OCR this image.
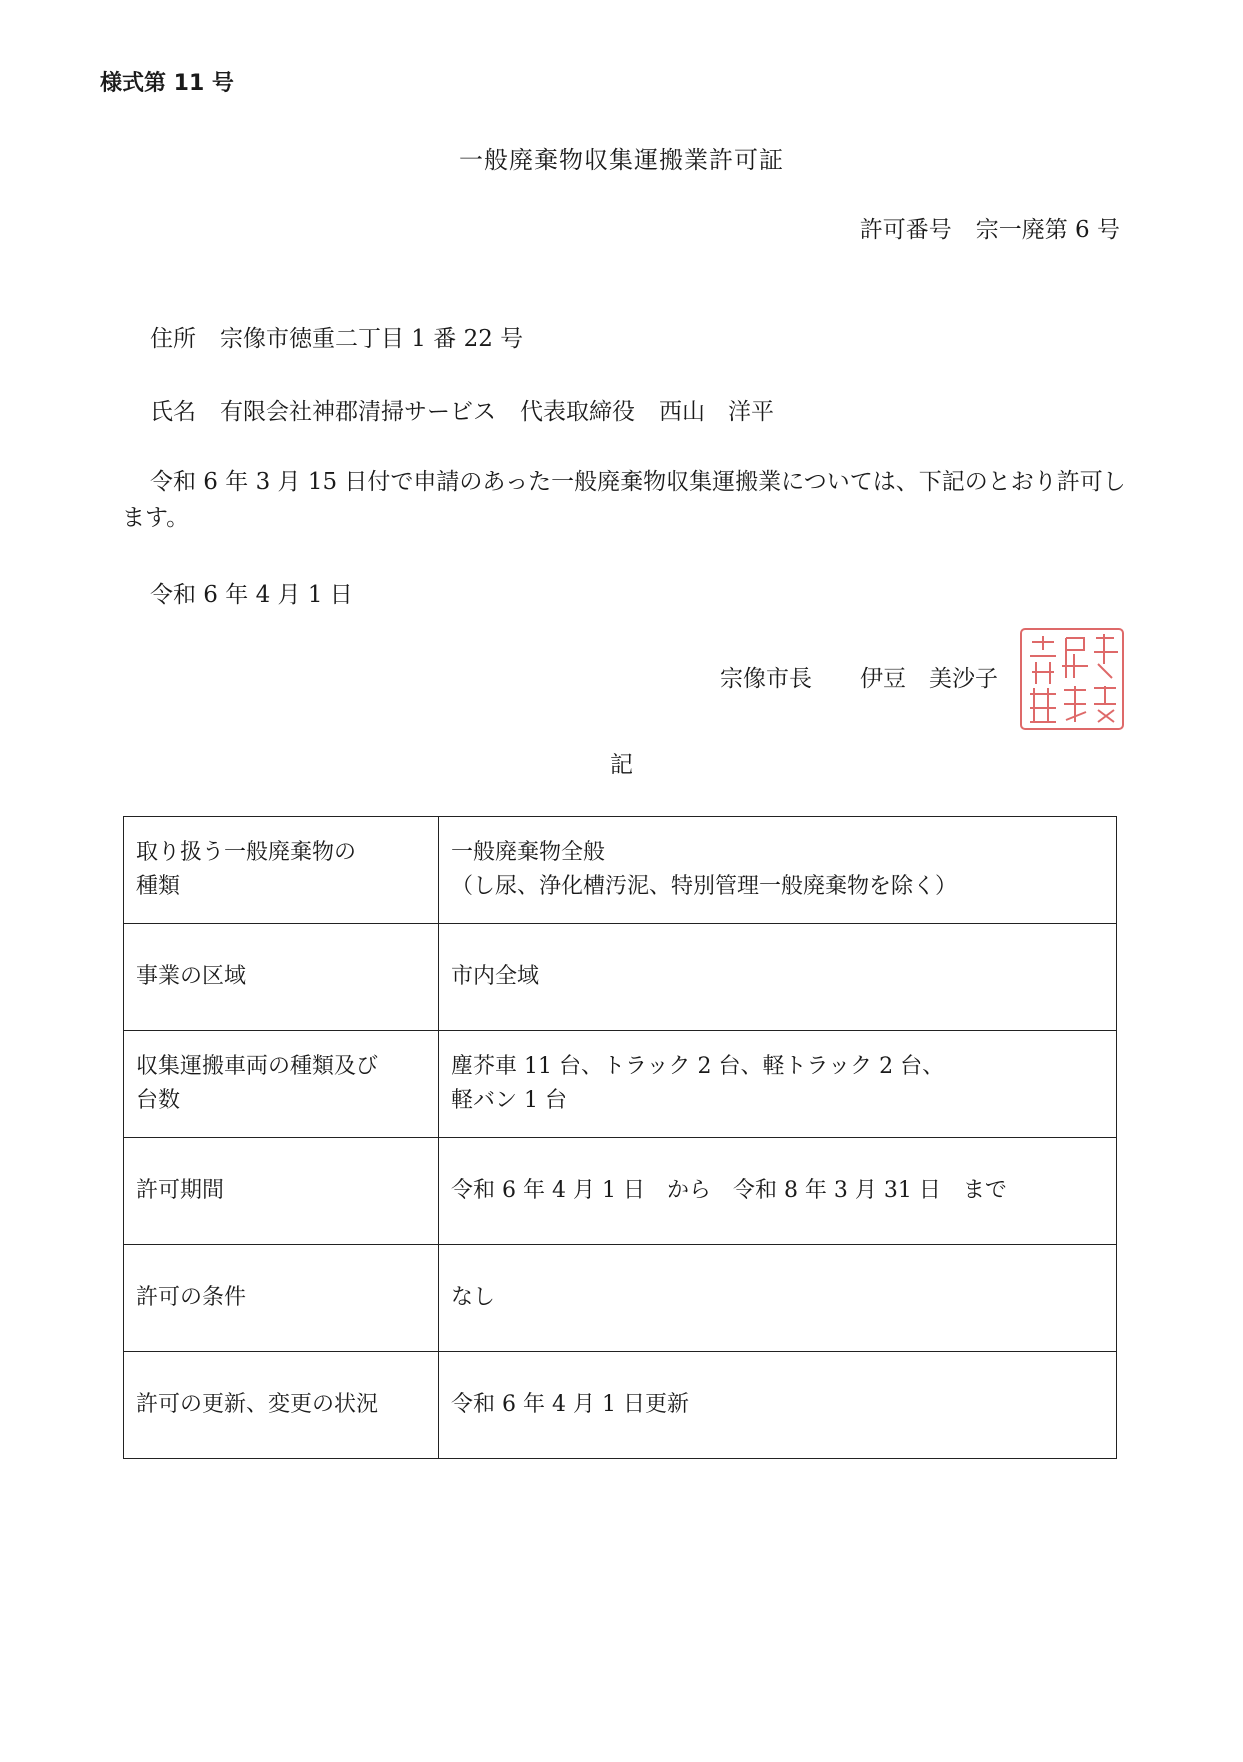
様式第 11 号
一般廃棄物収集運搬業許可証
許可番号 宗一廃第 6 号
住所 宗像市徳重二丁目 1 番 22 号
氏名 有限会社神郡清掃サービス 代表取締役 西山　洋平
令和 6 年 3 月 15 日付で申請のあった一般廃棄物収集運搬業については、下記のとおり許可します。
令和 6 年 4 月 1 日
宗像市長 伊豆　美沙子
記
取り扱う一般廃棄物の
種類	一般廃棄物全般
（し尿、浄化槽汚泥、特別管理一般廃棄物を除く）
事業の区域	市内全域
収集運搬車両の種類及び
台数	塵芥車 11 台、トラック 2 台、軽トラック 2 台、
軽バン 1 台
許可期間	令和 6 年 4 月 1 日　から　令和 8 年 3 月 31 日　まで
許可の条件	なし
許可の更新、変更の状況	令和 6 年 4 月 1 日更新
